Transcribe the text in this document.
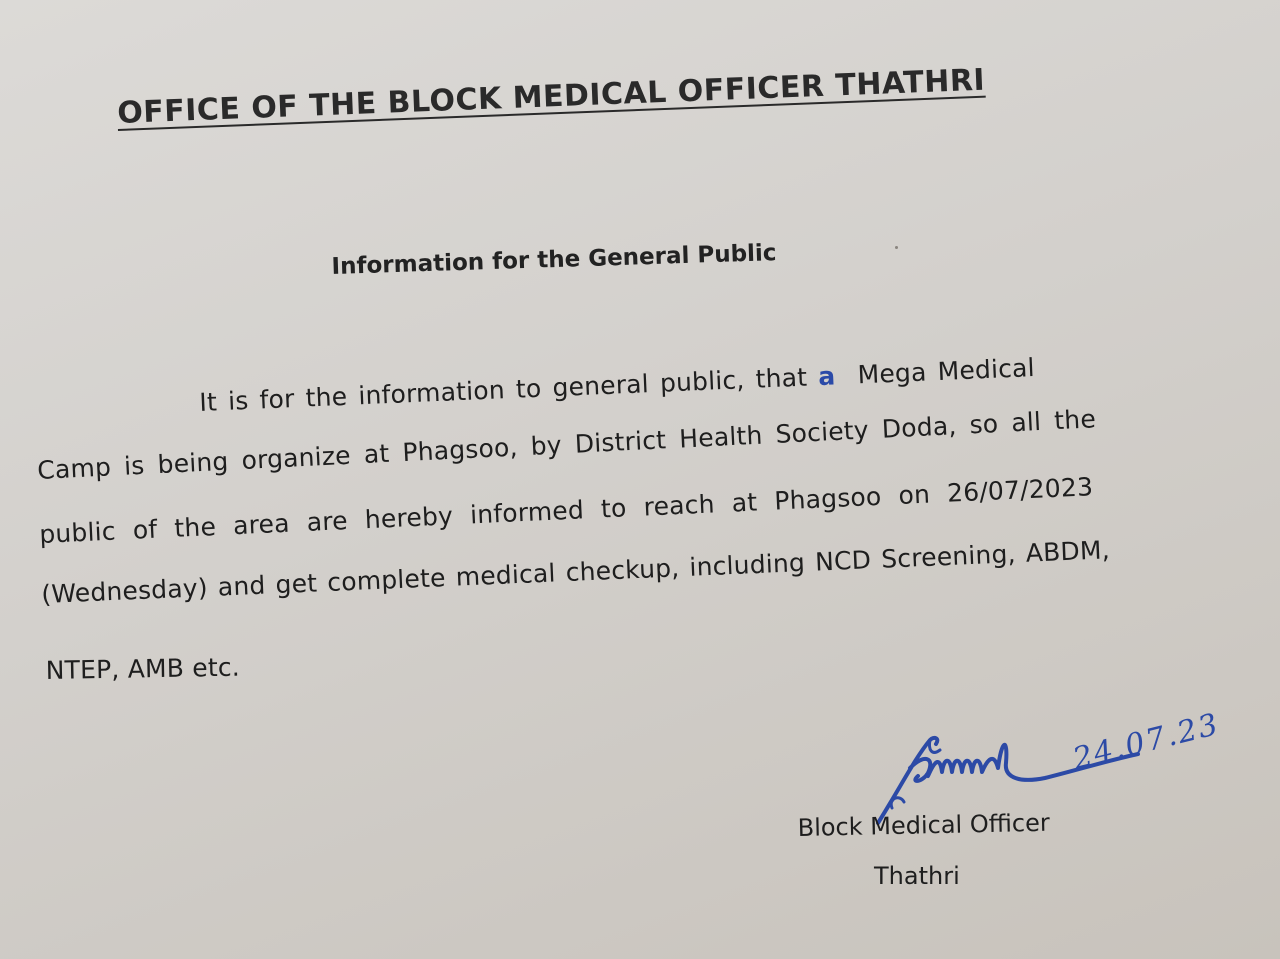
OFFICE OF THE BLOCK MEDICAL OFFICER THATHRI
Information for the General Public
It is for the information to general public, that a  Mega Medical
Camp is being organize at Phagsoo, by District Health Society Doda, so all the
public of the area are hereby informed to reach at Phagsoo on 26/07/2023
(Wednesday) and get complete medical checkup, including NCD Screening, ABDM,
NTEP, AMB etc.
24.07.23
Block Medical Officer
Thathri
